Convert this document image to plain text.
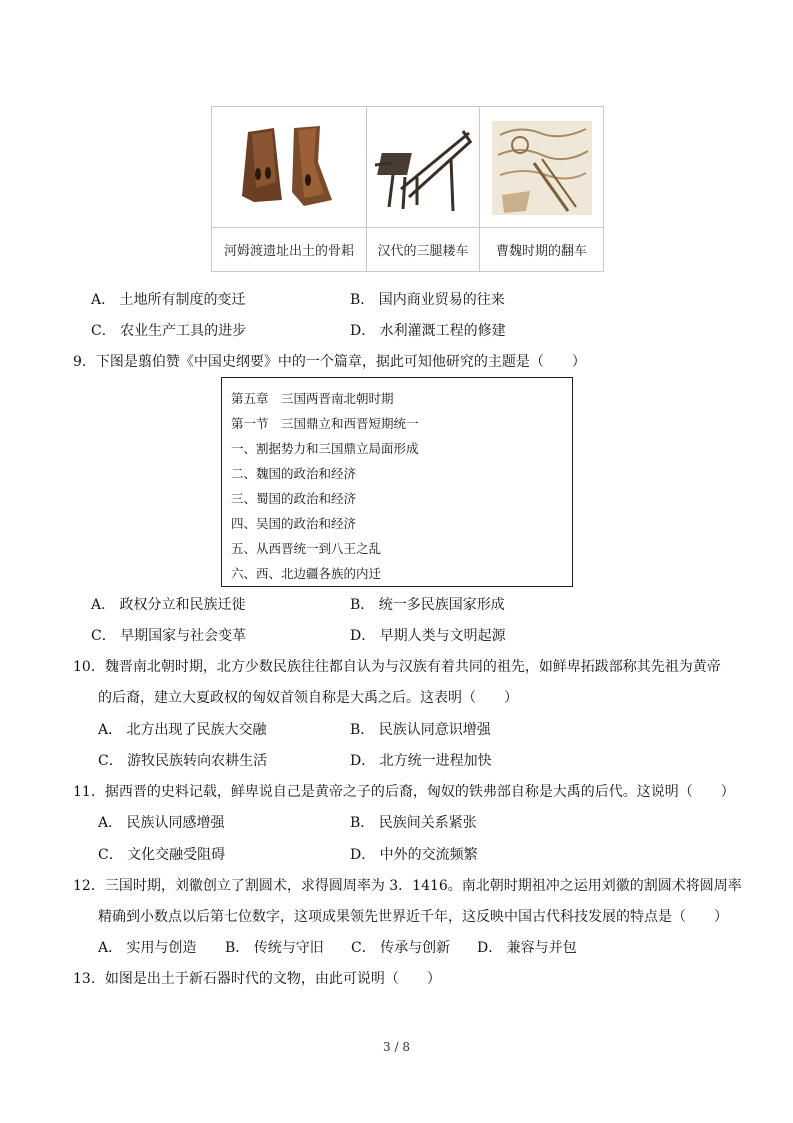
河姆渡遗址出土的骨耜	汉代的三腿耧车	曹魏时期的翻车
A． 土地所有制度的变迁	B． 国内商业贸易的往来
C． 农业生产工具的进步	D． 水利灌溉工程的修建
9．下图是翦伯赞《中国史纲要》中的一个篇章，据此可知他研究的主题是（　　）
第五章　三国两晋南北朝时期
第一节　三国鼎立和西晋短期统一
一、割据势力和三国鼎立局面形成
二、魏国的政治和经济
三、蜀国的政治和经济
四、吴国的政治和经济
五、从西晋统一到八王之乱
六、西、北边疆各族的内迁
A． 政权分立和民族迁徙	B． 统一多民族国家形成
C． 早期国家与社会变革	D． 早期人类与文明起源
10．魏晋南北朝时期，北方少数民族往往都自认为与汉族有着共同的祖先，如鲜卑拓跋部称其先祖为黄帝
的后裔，建立大夏政权的匈奴首领自称是大禹之后。这表明（　　）
A． 北方出现了民族大交融	B． 民族认同意识增强
C． 游牧民族转向农耕生活	D． 北方统一进程加快
11．据西晋的史料记载，鲜卑说自己是黄帝之子的后裔，匈奴的铁弗部自称是大禹的后代。这说明（　　）
A． 民族认同感增强	B． 民族间关系紧张
C． 文化交融受阻碍	D． 中外的交流频繁
12．三国时期，刘徽创立了割圆术，求得圆周率为 3．1416。南北朝时期祖冲之运用刘徽的割圆术将圆周率
精确到小数点以后第七位数字，这项成果领先世界近千年，这反映中国古代科技发展的特点是（　　）
A． 实用与创造 B． 传统与守旧 C． 传承与创新 D． 兼容与并包
13．如图是出土于新石器时代的文物，由此可说明（　　）
3 / 8
